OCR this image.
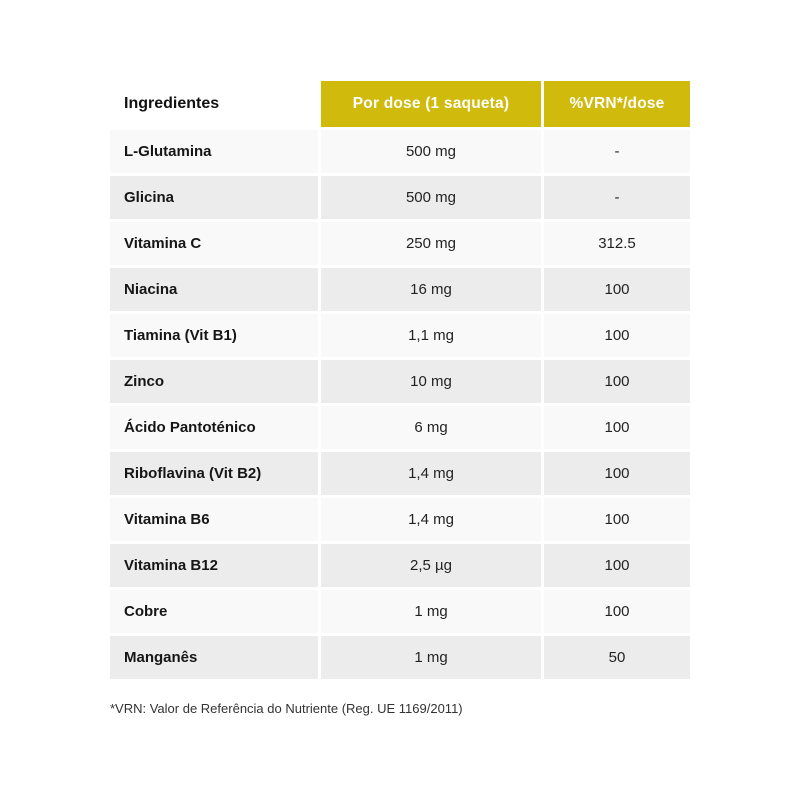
Ingredientes	Por dose (1 saqueta)	%VRN*/dose
L-Glutamina	500 mg	-
Glicina	500 mg	-
Vitamina C	250 mg	312.5
Niacina	16 mg	100
Tiamina (Vit B1)	1,1 mg	100
Zinco	10 mg	100
Ácido Pantoténico	6 mg	100
Riboflavina (Vit B2)	1,4 mg	100
Vitamina B6	1,4 mg	100
Vitamina B12	2,5 µg	100
Cobre	1 mg	100
Manganês	1 mg	50
*VRN: Valor de Referência do Nutriente (Reg. UE 1169/2011)
